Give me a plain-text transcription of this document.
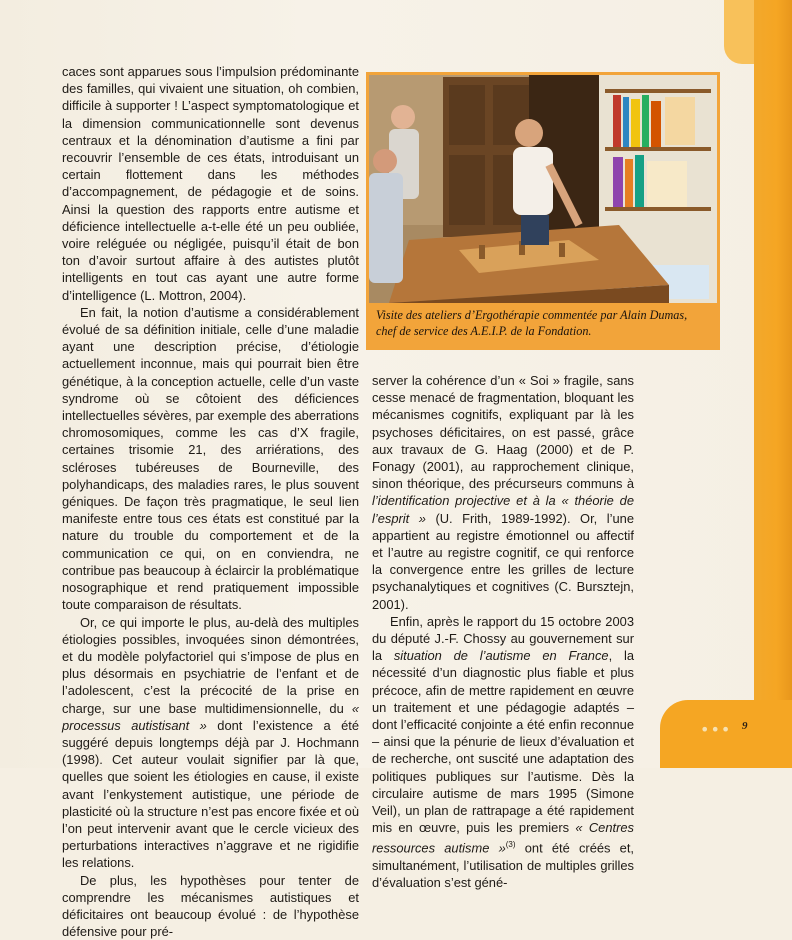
caces sont apparues sous l’impulsion prédominante des familles, qui vivaient une situation, oh combien, difficile à supporter ! L’aspect symptomatologique et la dimension communicationnelle sont devenus centraux et la dénomination d’autisme a fini par recouvrir l’ensemble de ces états, introduisant un certain flottement dans les méthodes d’accompagnement, de pédagogie et de soins. Ainsi la question des rapports entre autisme et déficience intellectuelle a-t-elle été un peu oubliée, voire reléguée ou négligée, puisqu’il était de bon ton d’avoir surtout affaire à des autistes plutôt intelligents en tout cas ayant une autre forme d’intelligence (L. Mottron, 2004).

En fait, la notion d’autisme a considérablement évolué de sa définition initiale, celle d’une maladie ayant une description précise, d’étiologie actuellement inconnue, mais qui pourrait bien être génétique, à la conception actuelle, celle d’un vaste syndrome où se côtoient des déficiences intellectuelles sévères, par exemple des aberrations chromosomiques, comme les cas d’X fragile, certaines trisomie 21, des arriérations, des scléroses tubéreuses de Bourneville, des polyhandicaps, des maladies rares, le plus souvent géniques. De façon très pragmatique, le seul lien manifeste entre tous ces états est constitué par la nature du trouble du comportement et de la communication ce qui, on en conviendra, ne contribue pas beaucoup à éclaircir la problématique nosographique et rend pratiquement impossible toute comparaison de résultats.

Or, ce qui importe le plus, au-delà des multiples étiologies possibles, invoquées sinon démontrées, et du modèle polyfactoriel qui s’impose de plus en plus désormais en psychiatrie de l’enfant et de l’adolescent, c’est la précocité de la prise en charge, sur une base multidimensionnelle, du « processus autistisant » dont l’existence a été suggéré depuis longtemps déjà par J. Hochmann (1998). Cet auteur voulait signifier par là que, quelles que soient les étiologies en cause, il existe avant l’enkystement autistique, une période de plasticité où la structure n’est pas encore fixée et où l’on peut intervenir avant que le cercle vicieux des perturbations interactives n’aggrave et ne rigidifie les relations.

De plus, les hypothèses pour tenter de comprendre les mécanismes autistiques et déficitaires ont beaucoup évolué : de l’hypothèse défensive pour pré-

Visite des ateliers d’Ergothérapie commentée par Alain Dumas,
chef de service des A.E.I.P. de la Fondation.

server la cohérence d’un « Soi » fragile, sans cesse menacé de fragmentation, bloquant les mécanismes cognitifs, expliquant par là les psychoses déficitaires, on est passé, grâce aux travaux de G. Haag (2000) et de P. Fonagy (2001), au rapprochement clinique, sinon théorique, des précurseurs communs à l’identification projective et à la « théorie de l’esprit » (U. Frith, 1989-1992). Or, l’une appartient au registre émotionnel ou affectif et l’autre au registre cognitif, ce qui renforce la convergence entre les grilles de lecture psychanalytiques et cognitives (C. Bursztejn, 2001).

Enfin, après le rapport du 15 octobre 2003 du député J.-F. Chossy au gouvernement sur la situation de l’autisme en France, la nécessité d’un diagnostic plus fiable et plus précoce, afin de mettre rapidement en œuvre un traitement et une pédagogie adaptés – dont l’efficacité conjointe a été enfin reconnue – ainsi que la pénurie de lieux d’évaluation et de recherche, ont suscité une adaptation des politiques publiques sur l’autisme. Dès la circulaire autisme de mars 1995 (Simone Veil), un plan de rattrapage a été rapidement mis en œuvre, puis les premiers « Centres ressources autisme »$^{(3)}$ ont été créés et, simultanément, l’utilisation de multiples grilles d’évaluation s’est géné-

••• 9
